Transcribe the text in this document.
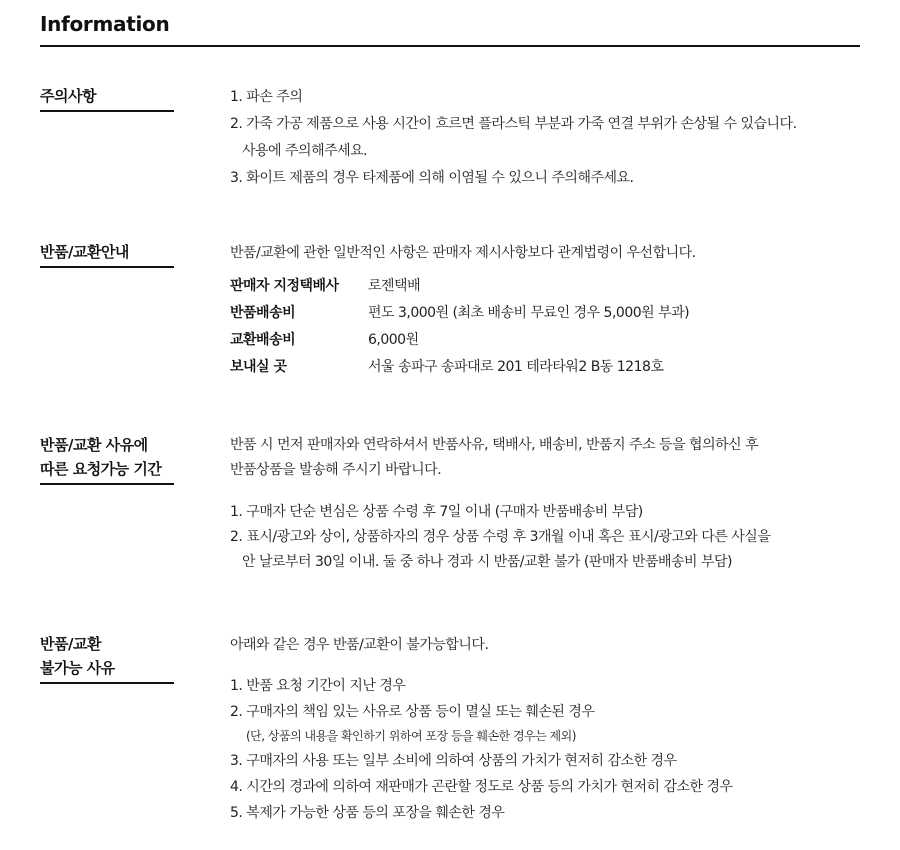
Information
주의사항	1. 파손 주의
2. 가죽 가공 제품으로 사용 시간이 흐르면 플라스틱 부분과 가죽 연결 부위가 손상될 수 있습니다.
사용에 주의해주세요.
3. 화이트 제품의 경우 타제품에 의해 이염될 수 있으니 주의해주세요.
반품/교환안내	반품/교환에 관한 일반적인 사항은 판매자 제시사항보다 관계법령이 우선합니다.
판매자 지정택배사	로젠택배
반품배송비	편도 3,000원 (최초 배송비 무료인 경우 5,000원 부과)
교환배송비	6,000원
보내실 곳	서울 송파구 송파대로 201 테라타워2 B동 1218호
반품/교환 사유에
따른 요청가능 기간
반품 시 먼저 판매자와 연락하셔서 반품사유, 택배사, 배송비, 반품지 주소 등을 협의하신 후
반품상품을 발송해 주시기 바랍니다.
1. 구매자 단순 변심은 상품 수령 후 7일 이내 (구매자 반품배송비 부담)
2. 표시/광고와 상이, 상품하자의 경우 상품 수령 후 3개월 이내 혹은 표시/광고와 다른 사실을
안 날로부터 30일 이내. 둘 중 하나 경과 시 반품/교환 불가 (판매자 반품배송비 부담)
반품/교환
불가능 사유
아래와 같은 경우 반품/교환이 불가능합니다.
1. 반품 요청 기간이 지난 경우
2. 구매자의 책임 있는 사유로 상품 등이 멸실 또는 훼손된 경우
(단, 상품의 내용을 확인하기 위하여 포장 등을 훼손한 경우는 제외)
3. 구매자의 사용 또는 일부 소비에 의하여 상품의 가치가 현저히 감소한 경우
4. 시간의 경과에 의하여 재판매가 곤란할 정도로 상품 등의 가치가 현저히 감소한 경우
5. 복제가 가능한 상품 등의 포장을 훼손한 경우
